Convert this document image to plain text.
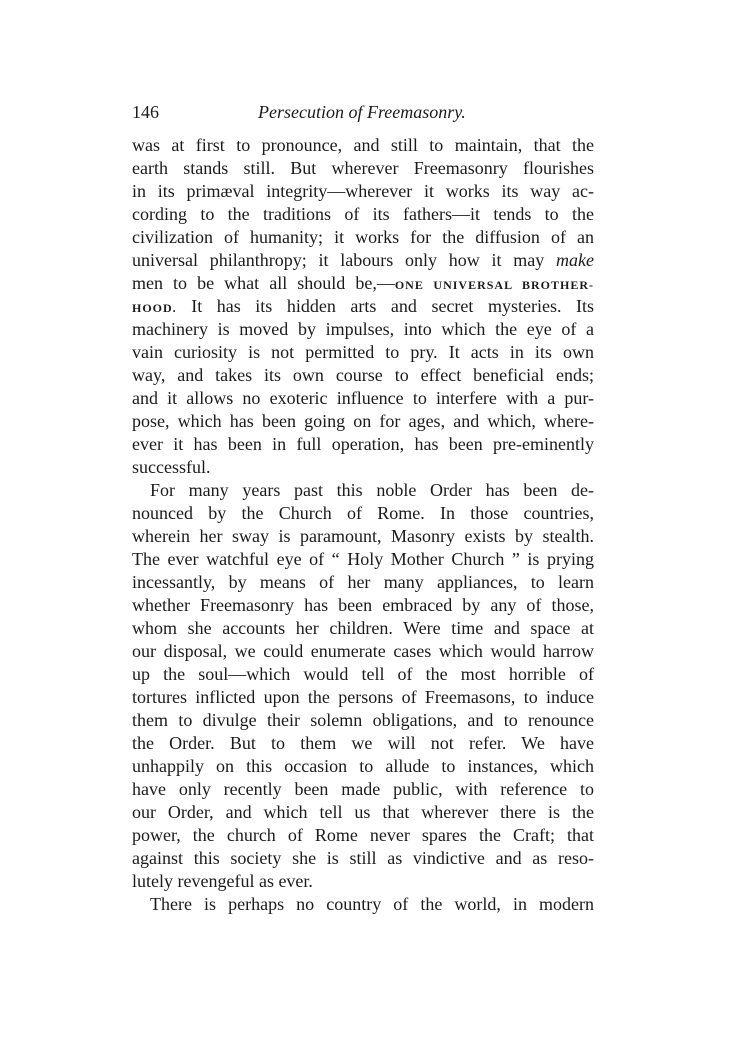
146	Persecution of Freemasonry.
was at first to pronounce, and still to maintain, that the
earth stands still. But wherever Freemasonry flourishes
in its primæval integrity—wherever it works its way ac-
cording to the traditions of its fathers—it tends to the
civilization of humanity; it works for the diffusion of an
universal philanthropy; it labours only how it may make
men to be what all should be,—ONE UNIVERSAL BROTHER-
HOOD. It has its hidden arts and secret mysteries. Its
machinery is moved by impulses, into which the eye of a
vain curiosity is not permitted to pry. It acts in its own
way, and takes its own course to effect beneficial ends;
and it allows no exoteric influence to interfere with a pur-
pose, which has been going on for ages, and which, where-
ever it has been in full operation, has been pre-eminently
successful.
For many years past this noble Order has been de-
nounced by the Church of Rome. In those countries,
wherein her sway is paramount, Masonry exists by stealth.
The ever watchful eye of “ Holy Mother Church ” is prying
incessantly, by means of her many appliances, to learn
whether Freemasonry has been embraced by any of those,
whom she accounts her children. Were time and space at
our disposal, we could enumerate cases which would harrow
up the soul—which would tell of the most horrible of
tortures inflicted upon the persons of Freemasons, to induce
them to divulge their solemn obligations, and to renounce
the Order. But to them we will not refer. We have
unhappily on this occasion to allude to instances, which
have only recently been made public, with reference to
our Order, and which tell us that wherever there is the
power, the church of Rome never spares the Craft; that
against this society she is still as vindictive and as reso-
lutely revengeful as ever.
There is perhaps no country of the world, in modern
